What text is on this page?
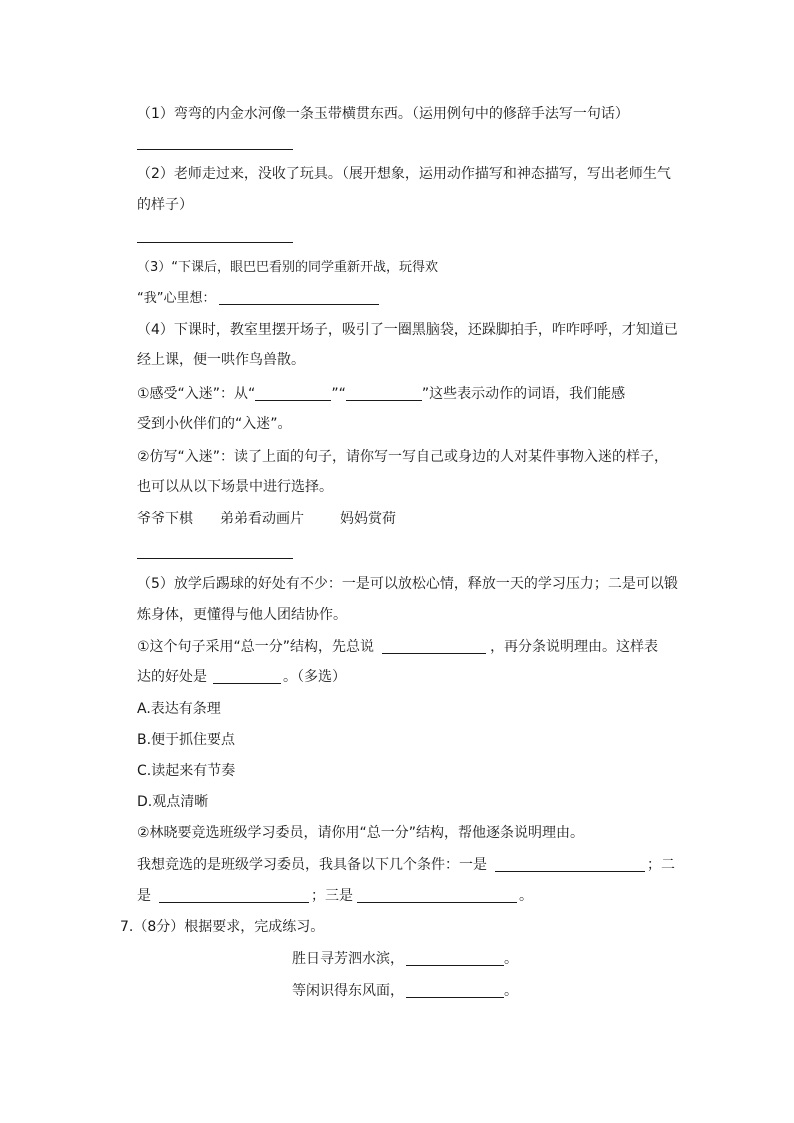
（1）弯弯的内金水河像一条玉带横贯东西。（运用例句中的修辞手法写一句话）
（2）老师走过来，没收了玩具。（展开想象，运用动作描写和神态描写，写出老师生气
的样子）
（3）“下课后，眼巴巴看别的同学重新开战，玩得欢
“我”心里想：
（4）下课时，教室里摆开场子，吸引了一圈黑脑袋，还跺脚拍手，咋咋呼呼，才知道已
经上课，便一哄作鸟兽散。
①感受“入迷”：从“	”“	”这些表示动作的词语，我们能感
受到小伙伴们的“入迷”。
②仿写“入迷”：读了上面的句子，请你写一写自己或身边的人对某件事物入迷的样子，
也可以从以下场景中进行选择。
爷爷下棋 弟弟看动画片	妈妈赏荷
（5）放学后踢球的好处有不少：一是可以放松心情，释放一天的学习压力；二是可以锻
炼身体，更懂得与他人团结协作。
①这个句子采用“总一分”结构，先总说	，再分条说明理由。这样表
达的好处是	。（多选）
A.表达有条理
B.便于抓住要点
C.读起来有节奏
D.观点清晰
②林晓要竞选班级学习委员，请你用“总一分”结构，帮他逐条说明理由。
我想竞选的是班级学习委员，我具备以下几个条件：一是	；二
是	；三是	。
7.（8分）根据要求，完成练习。
胜日寻芳泗水滨，	。
等闲识得东风面，	。
